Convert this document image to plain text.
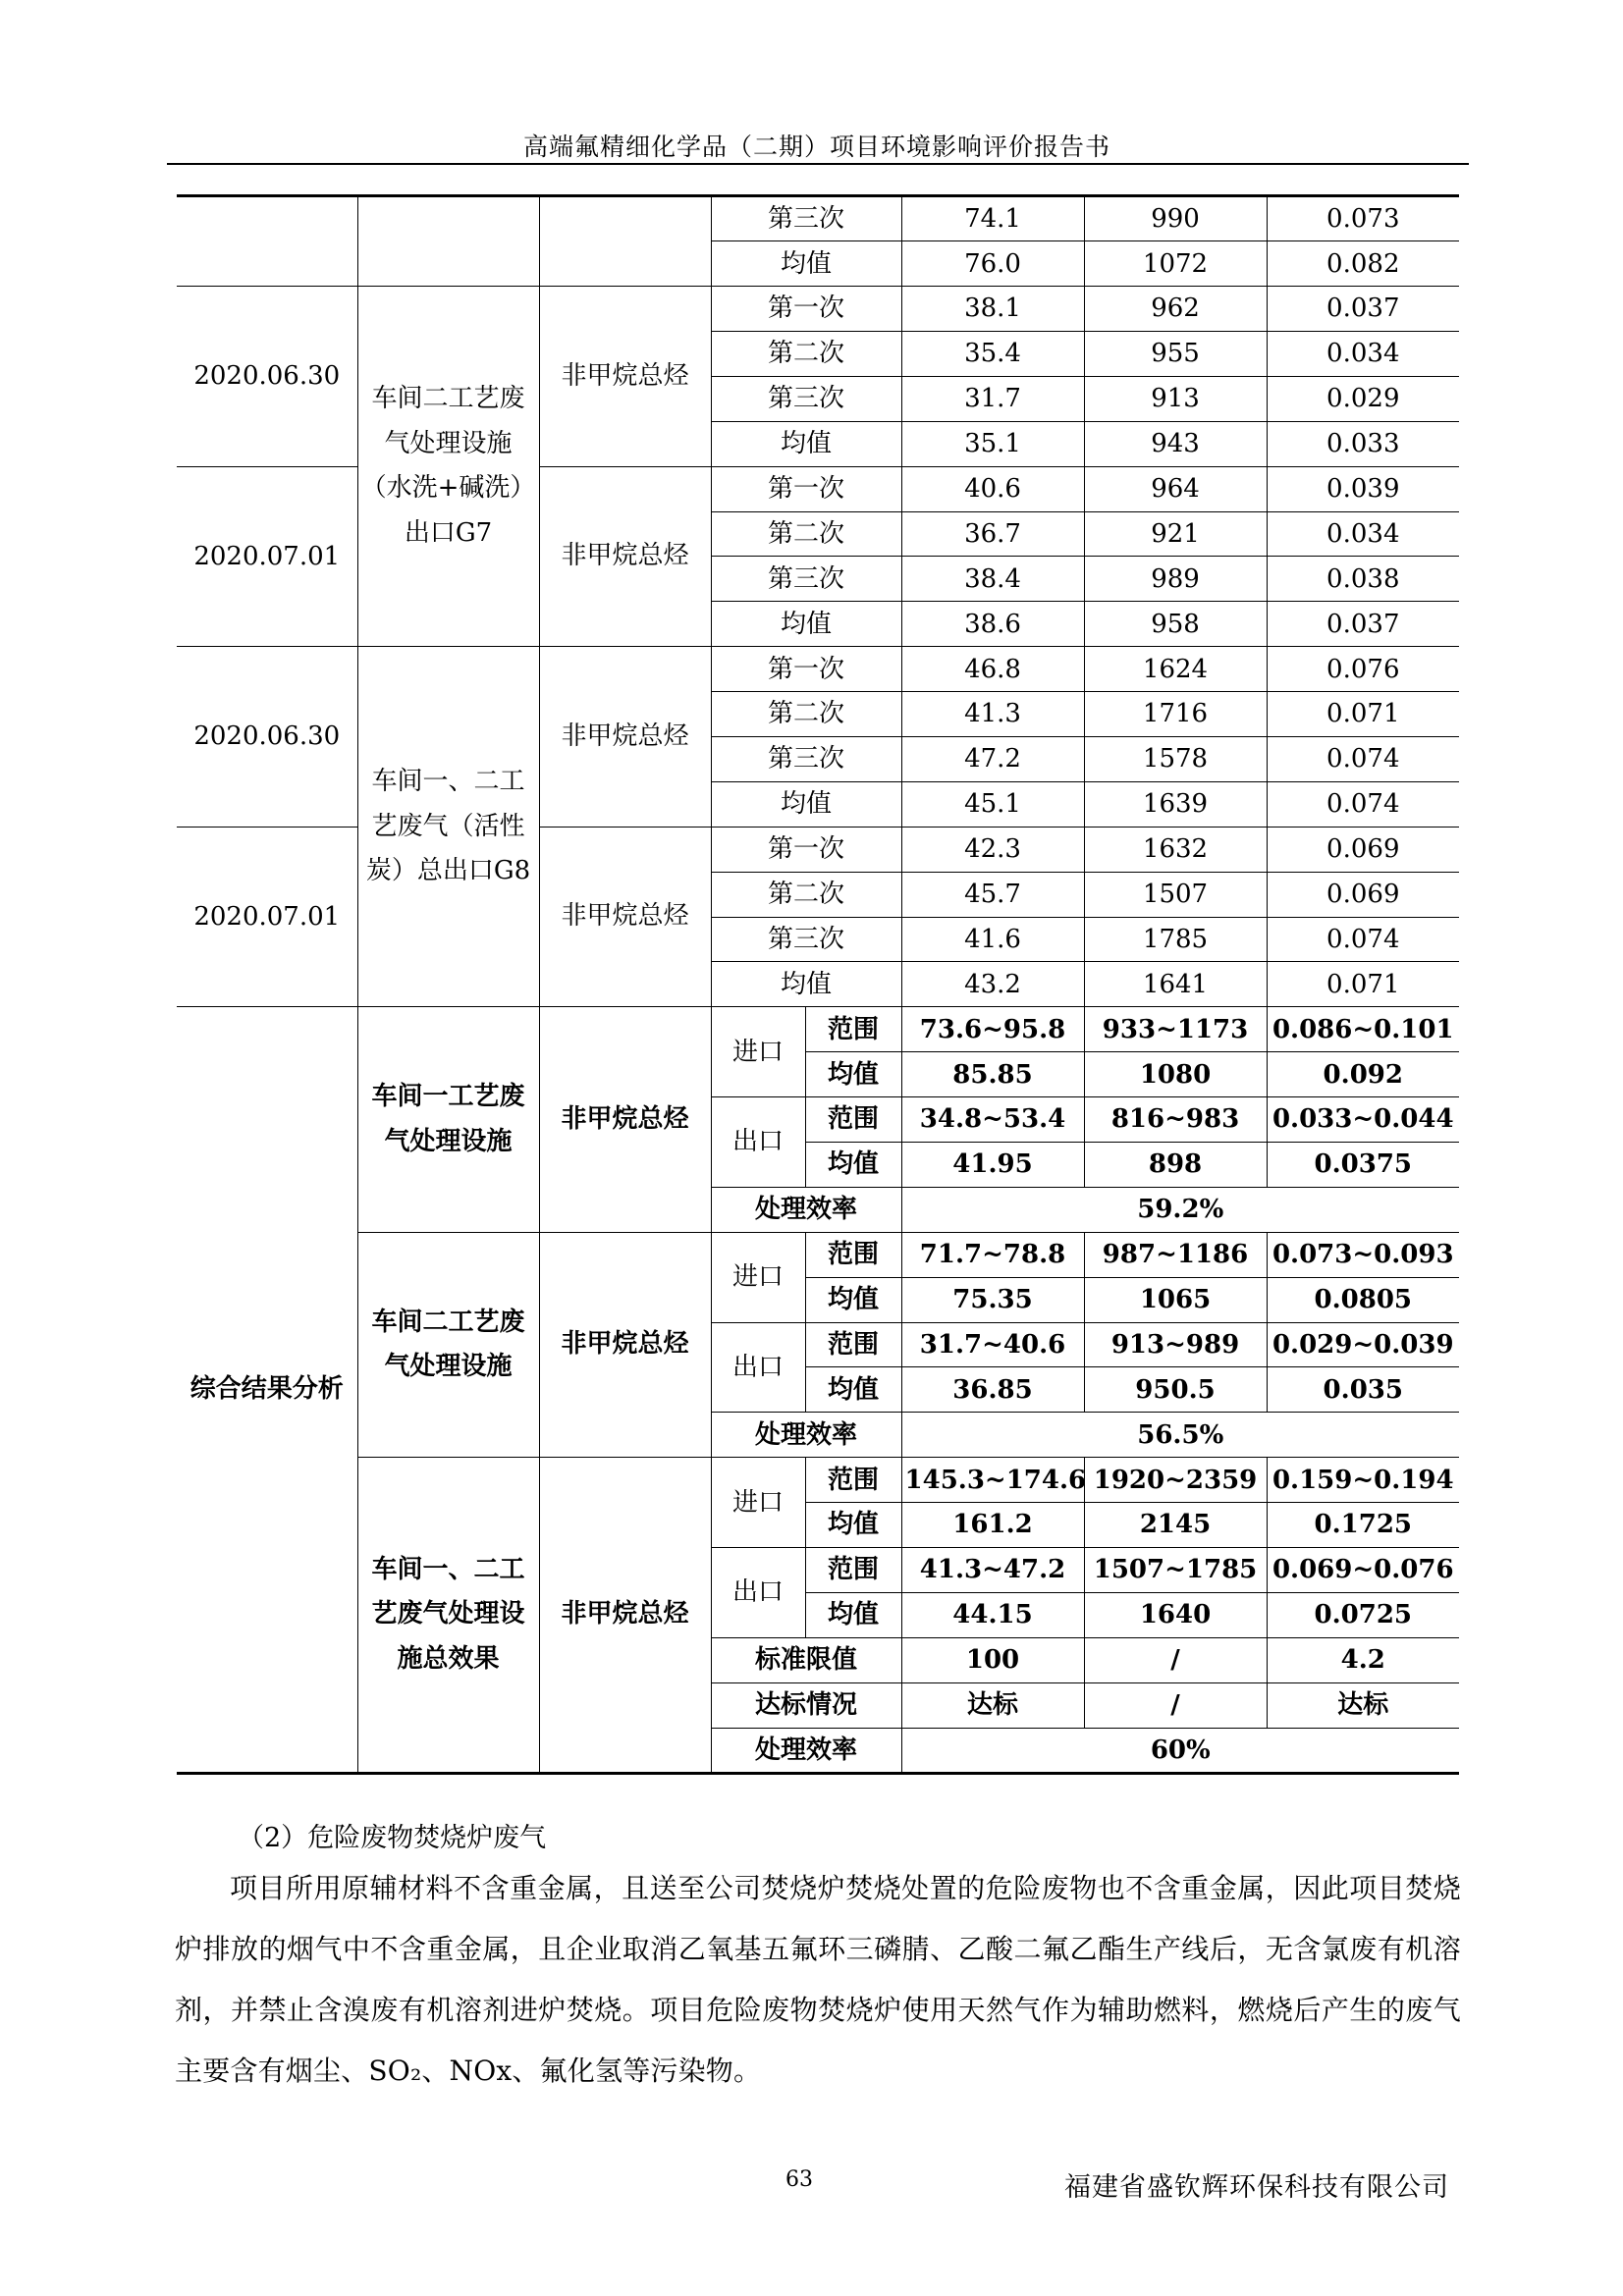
高端氟精细化学品（二期）项目环境影响评价报告书
			第三次		74.1	990	0.073
			均值		76.0	1072	0.082
2020.06.30	车间二工艺废气处理设施（水洗+碱洗）出口G7	非甲烷总烃	第一次		38.1	962	0.037
			第二次		35.4	955	0.034
			第三次		31.7	913	0.029
			均值		35.1	943	0.033
2020.07.01		非甲烷总烃	第一次		40.6	964	0.039
			第二次		36.7	921	0.034
			第三次		38.4	989	0.038
			均值		38.6	958	0.037
2020.06.30	车间一、二工艺废气（活性炭）总出口G8	非甲烷总烃	第一次		46.8	1624	0.076
			第二次		41.3	1716	0.071
			第三次		47.2	1578	0.074
			均值		45.1	1639	0.074
2020.07.01		非甲烷总烃	第一次		42.3	1632	0.069
			第二次		45.7	1507	0.069
			第三次		41.6	1785	0.074
			均值		43.2	1641	0.071
综合结果分析	车间一工艺废气处理设施	非甲烷总烃	进口	范围	73.6~95.8	933~1173	0.086~0.101
				均值	85.85	1080	0.092
			出口	范围	34.8~53.4	816~983	0.033~0.044
				均值	41.95	898	0.0375
			处理效率		59.2%		
	车间二工艺废气处理设施	非甲烷总烃	进口	范围	71.7~78.8	987~1186	0.073~0.093
				均值	75.35	1065	0.0805
			出口	范围	31.7~40.6	913~989	0.029~0.039
				均值	36.85	950.5	0.035
			处理效率		56.5%		
	车间一、二工艺废气处理设施总效果	非甲烷总烃	进口	范围	145.3~174.6	1920~2359	0.159~0.194
				均值	161.2	2145	0.1725
			出口	范围	41.3~47.2	1507~1785	0.069~0.076
				均值	44.15	1640	0.0725
			标准限值		100	/	4.2
			达标情况		达标	/	达标
			处理效率		60%		
（2）危险废物焚烧炉废气

项目所用原辅材料不含重金属，且送至公司焚烧炉焚烧处置的危险废物也不含重金属，因此项目焚烧炉排放的烟气中不含重金属，且企业取消乙氧基五氟环三磷腈、乙酸二氟乙酯生产线后，无含氯废有机溶剂，并禁止含溴废有机溶剂进炉焚烧。项目危险废物焚烧炉使用天然气作为辅助燃料，燃烧后产生的废气主要含有烟尘、SO₂、NOx、氟化氢等污染物。

63	福建省盛钦辉环保科技有限公司
